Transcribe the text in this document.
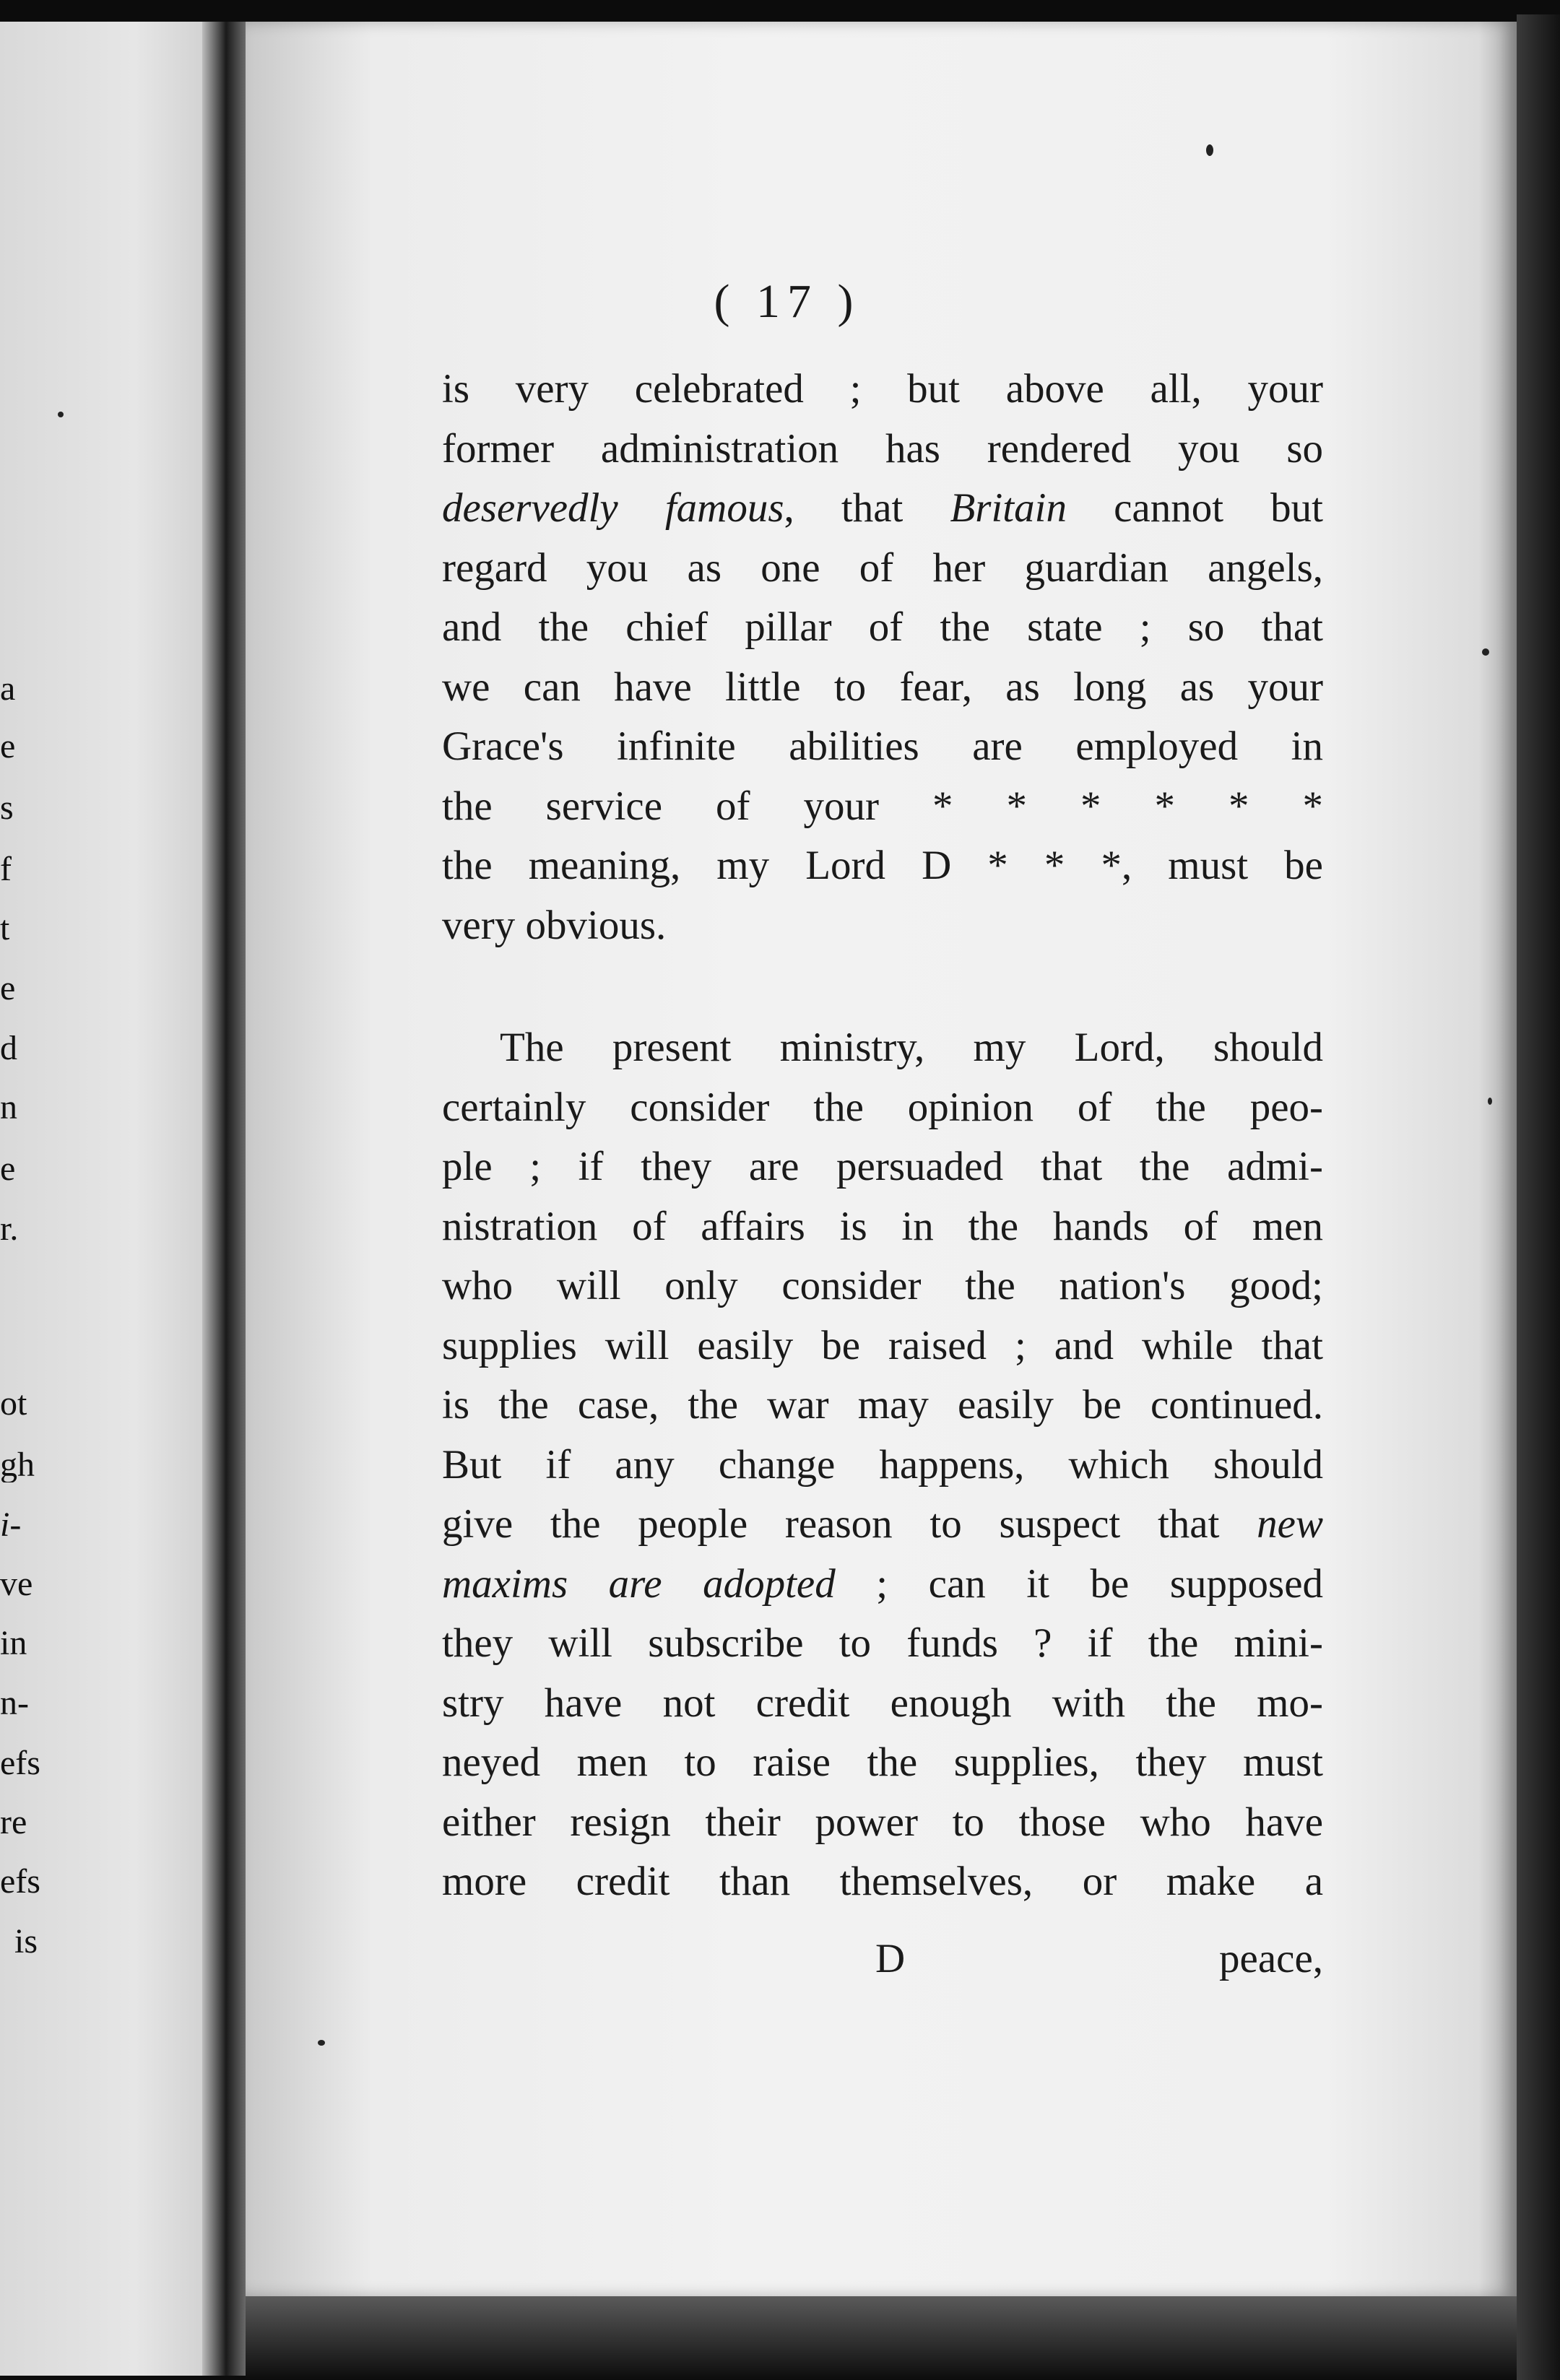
a
e
s
f
t
e
d
n
e
r.
ot
gh
i-
ve
in
n-
efs
re
efs
is
( 17 )
is very celebrated ; but above all, your
former administration has rendered you so
deservedly famous, that Britain cannot but
regard you as one of her guardian angels,
and the chief pillar of the state ; so that
we can have little to fear, as long as your
Grace's infinite abilities are employed in
the service of your * * * * * *
the meaning, my Lord D * * *, must be
very obvious.
The present ministry, my Lord, should
certainly consider the opinion of the peo-
ple ; if they are persuaded that the admi-
nistration of affairs is in the hands of men
who will only consider the nation's good;
supplies will easily be raised ; and while that
is the case, the war may easily be continued.
But if any change happens, which should
give the people reason to suspect that new
maxims are adopted ; can it be supposed
they will subscribe to funds ? if the mini-
stry have not credit enough with the mo-
neyed men to raise the supplies, they must
either resign their power to those who have
more credit than themselves, or make a
D	peace,
